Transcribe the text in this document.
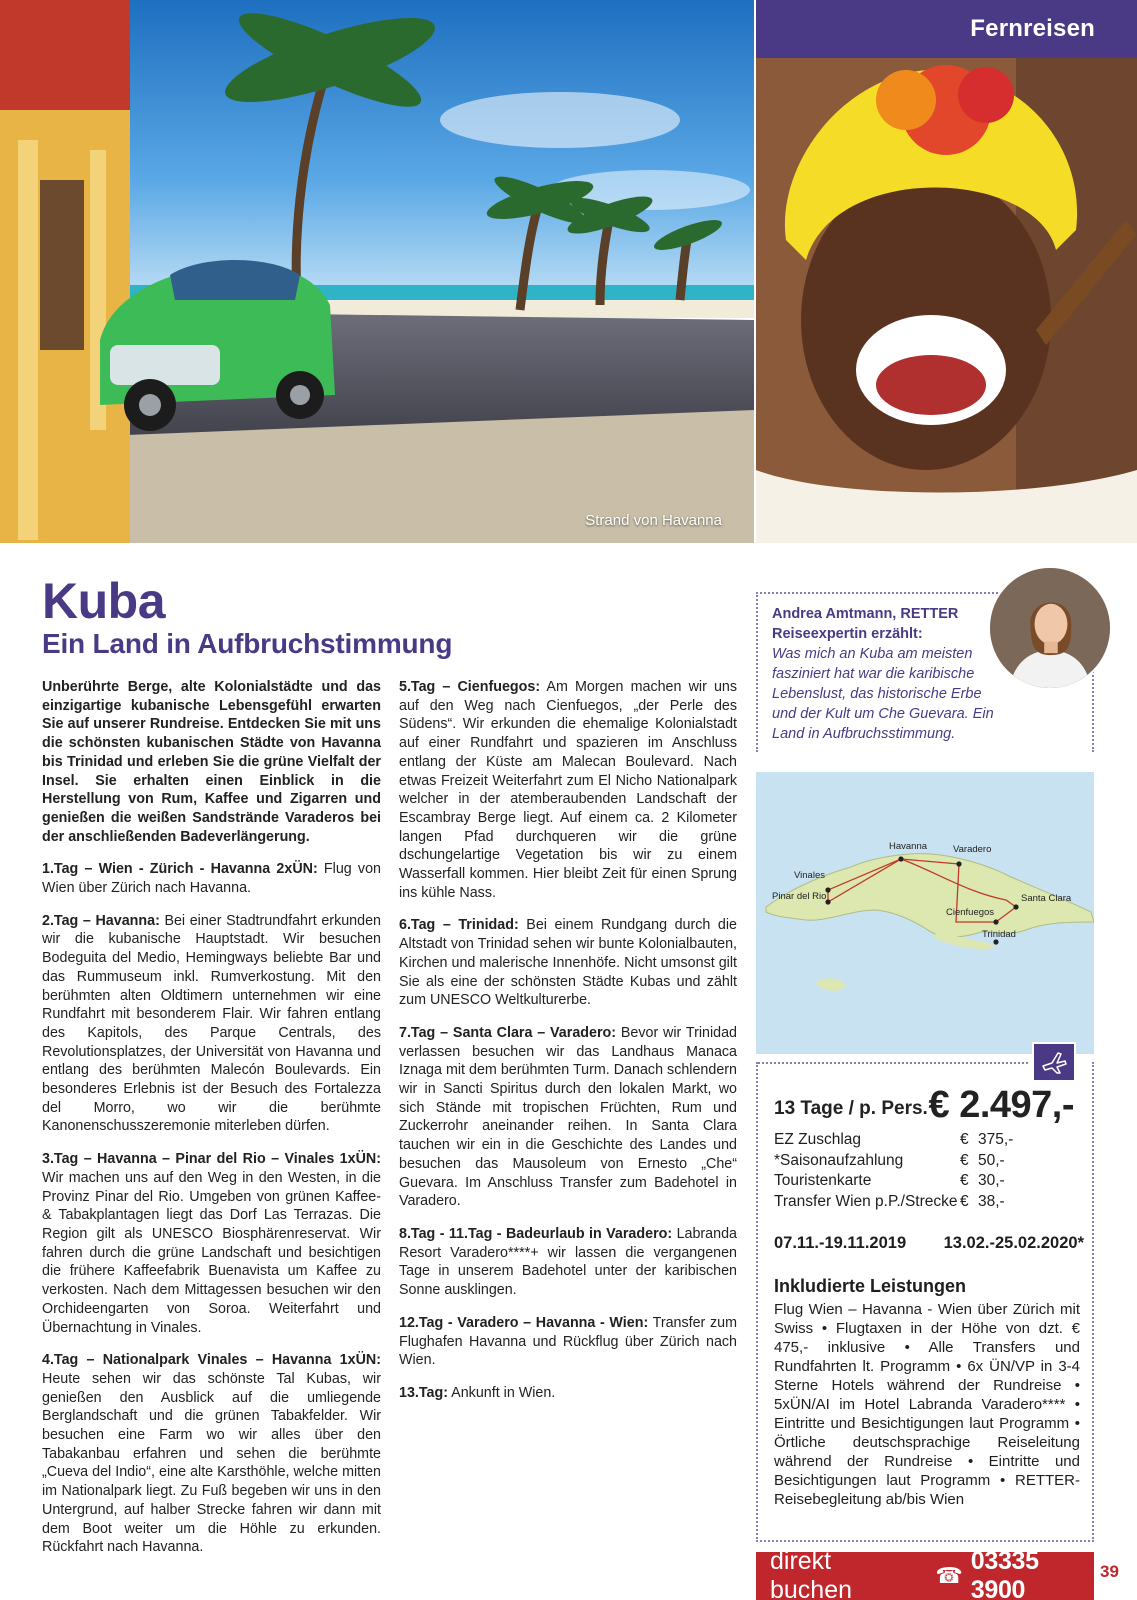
Strand von Havanna
Fernreisen
Kuba
Ein Land in Aufbruchstimmung

Unberührte Berge, alte Kolonialstädte und das einzigartige kubanische Lebensgefühl erwarten Sie auf unserer Rundreise. Entdecken Sie mit uns die schönsten kubanischen Städte von Havanna bis Trinidad und erleben Sie die grüne Vielfalt der Insel. Sie erhalten einen Einblick in die Herstellung von Rum, Kaffee und Zigarren und genießen die weißen Sandstrände Varaderos bei der anschließenden Badeverlängerung.

1.Tag – Wien - Zürich - Havanna 2xÜN: Flug von Wien über Zürich nach Havanna.

2.Tag – Havanna: Bei einer Stadtrundfahrt erkunden wir die kubanische Hauptstadt. Wir besuchen Bodeguita del Medio, Hemingways beliebte Bar und das Rummuseum inkl. Rumverkostung. Mit den berühmten alten Oldtimern unternehmen wir eine Rundfahrt mit besonderem Flair. Wir fahren entlang des Kapitols, des Parque Centrals, des Revolutionsplatzes, der Universität von Havanna und entlang des berühmten Malecón Boulevards. Ein besonderes Erlebnis ist der Besuch des Fortalezza del Morro, wo wir die berühmte Kanonenschusszeremonie miterleben dürfen.

3.Tag – Havanna – Pinar del Rio – Vinales 1xÜN: Wir machen uns auf den Weg in den Westen, in die Provinz Pinar del Rio. Umgeben von grünen Kaffee- & Tabakplantagen liegt das Dorf Las Terrazas. Die Region gilt als UNESCO Biosphärenreservat. Wir fahren durch die grüne Landschaft und besichtigen die frühere Kaffeefabrik Buenavista um Kaffee zu verkosten. Nach dem Mittagessen besuchen wir den Orchideengarten von Soroa. Weiterfahrt und Übernachtung in Vinales.

4.Tag – Nationalpark Vinales – Havanna 1xÜN: Heute sehen wir das schönste Tal Kubas, wir genießen den Ausblick auf die umliegende Berglandschaft und die grünen Tabakfelder. Wir besuchen eine Farm wo wir alles über den Tabakanbau erfahren und sehen die berühmte „Cueva del Indio“, eine alte Karsthöhle, welche mitten im Nationalpark liegt. Zu Fuß begeben wir uns in den Untergrund, auf halber Strecke fahren wir dann mit dem Boot weiter um die Höhle zu erkunden. Rückfahrt nach Havanna.

5.Tag – Cienfuegos: Am Morgen machen wir uns auf den Weg nach Cienfuegos, „der Perle des Südens“. Wir erkunden die ehemalige Kolonialstadt auf einer Rundfahrt und spazieren im Anschluss entlang der Küste am Malecan Boulevard. Nach etwas Freizeit Weiterfahrt zum El Nicho Nationalpark welcher in der atemberaubenden Landschaft der Escambray Berge liegt. Auf einem ca. 2 Kilometer langen Pfad durchqueren wir die grüne dschungelartige Vegetation bis wir zu einem Wasserfall kommen. Hier bleibt Zeit für einen Sprung ins kühle Nass.

6.Tag – Trinidad: Bei einem Rundgang durch die Altstadt von Trinidad sehen wir bunte Kolonialbauten, Kirchen und malerische Innenhöfe. Nicht umsonst gilt Sie als eine der schönsten Städte Kubas und zählt zum UNESCO Weltkulturerbe.

7.Tag – Santa Clara – Varadero: Bevor wir Trinidad verlassen besuchen wir das Landhaus Manaca Iznaga mit dem berühmten Turm. Danach schlendern wir in Sancti Spiritus durch den lokalen Markt, wo sich Stände mit tropischen Früchten, Rum und Zuckerrohr aneinander reihen. In Santa Clara tauchen wir ein in die Geschichte des Landes und besuchen das Mausoleum von Ernesto „Che“ Guevara. Im Anschluss Transfer zum Badehotel in Varadero.

8.Tag - 11.Tag - Badeurlaub in Varadero: Labranda Resort Varadero****+ wir lassen die vergangenen Tage in unserem Badehotel unter der karibischen Sonne ausklingen.

12.Tag - Varadero – Havanna - Wien: Transfer zum Flughafen Havanna und Rückflug über Zürich nach Wien.

13.Tag: Ankunft in Wien.

Andrea Amtmann, RETTER
Reiseexpertin erzählt:
Was mich an Kuba am meisten fasziniert hat war die karibische Lebenslust, das historische Erbe und der Kult um Che Guevara. Ein Land in Aufbruchsstimmung.
Havanna	Varadero
Vinales
Pinar del Rio	Santa Clara
Cienfuegos
Trinidad
13 Tage / p. Pers. € 2.497,-
EZ Zuschlag	€ 375,-
*Saisonaufzahlung	€ 50,-
Touristenkarte	€ 30,-
Transfer Wien p.P./Strecke € 38,-
07.11.-19.11.2019 13.02.-25.02.2020*
Inkludierte Leistungen
Flug Wien – Havanna - Wien über Zürich mit Swiss • Flugtaxen in der Höhe von dzt. € 475,- inklusive • Alle Transfers und Rundfahrten lt. Programm • 6x ÜN/VP in 3-4 Sterne Hotels während der Rundreise • 5xÜN/AI im Hotel Labranda Varadero**** • Eintritte und Besichtigungen laut Programm • Örtliche deutschsprachige Reiseleitung während der Rundreise • Eintritte und Besichtigungen laut Programm • RETTER-Reisebegleitung ab/bis Wien
direkt buchen
☎
03335 3900
39
